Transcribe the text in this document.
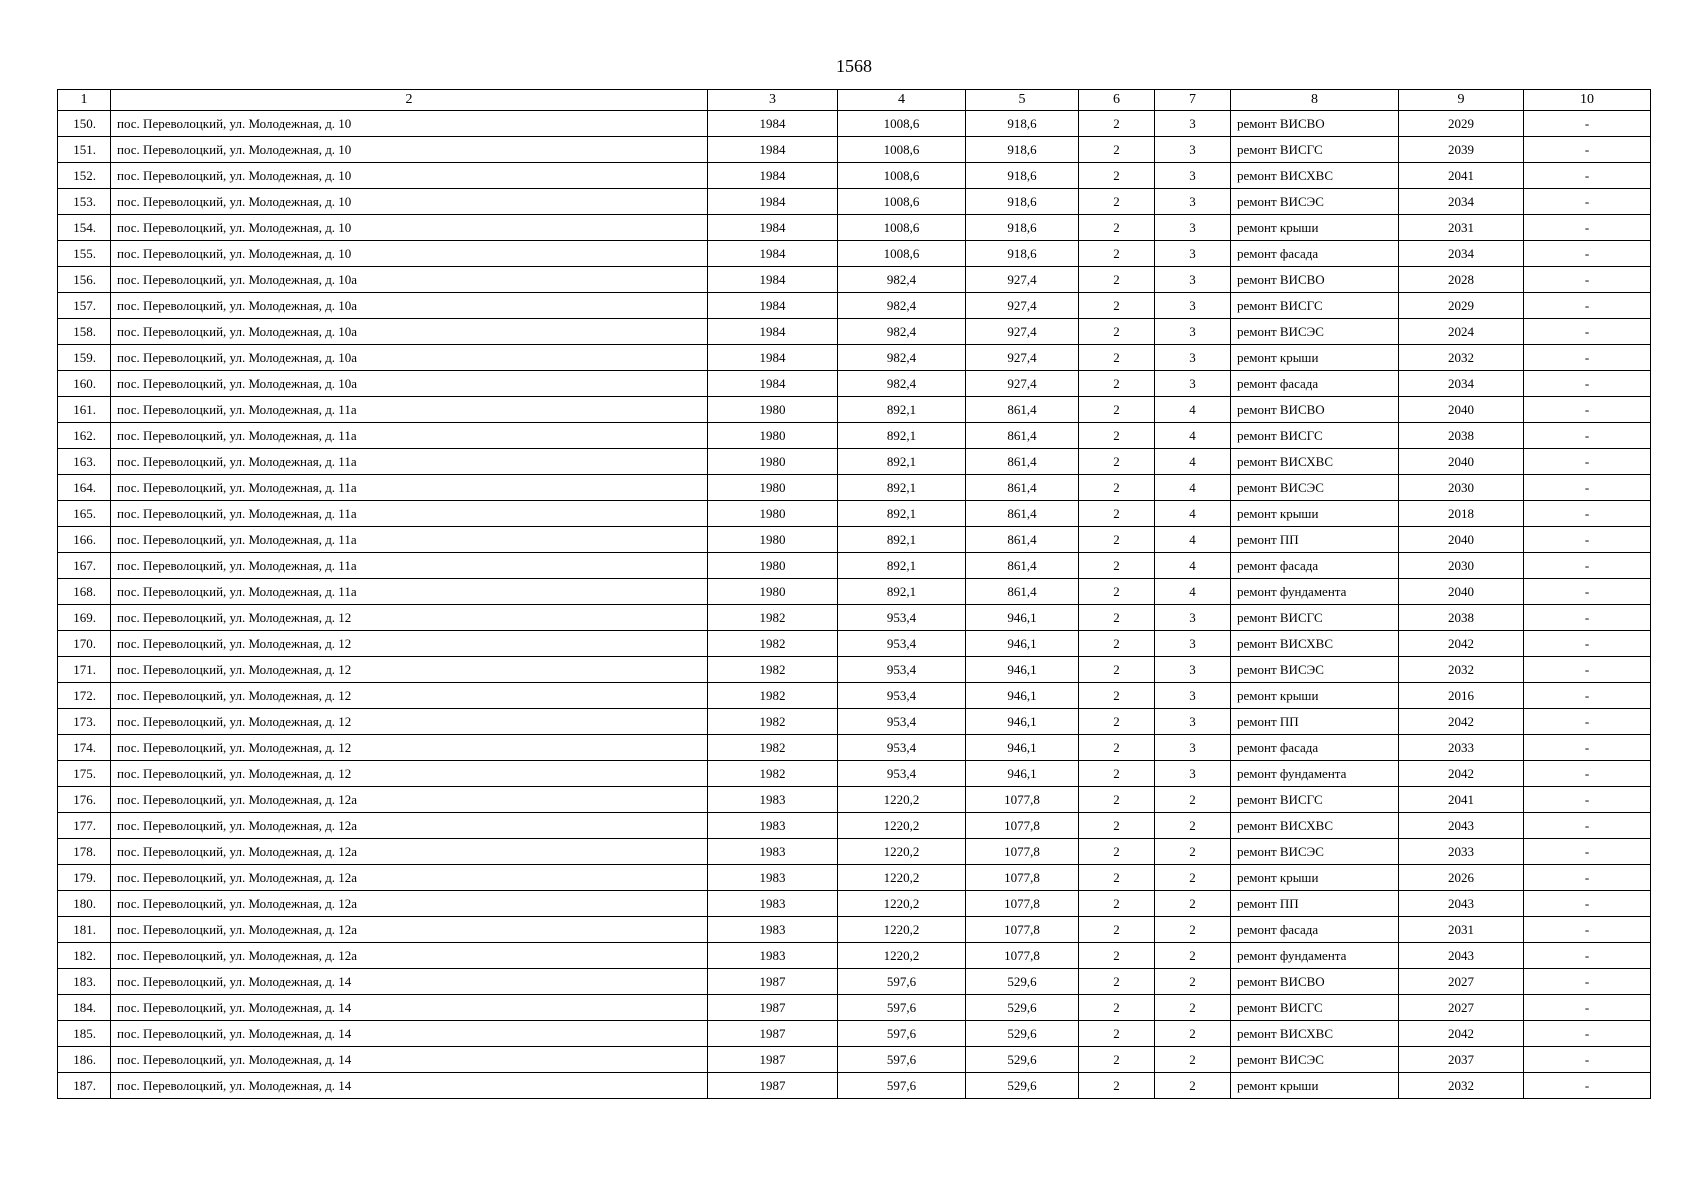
1568
1	2	3	4	5	6	7	8	9	10
150.	пос. Переволоцкий, ул. Молодежная, д. 10	1984	1008,6	918,6	2	3	ремонт ВИСВО	2029	-
151.	пос. Переволоцкий, ул. Молодежная, д. 10	1984	1008,6	918,6	2	3	ремонт ВИСГС	2039	-
152.	пос. Переволоцкий, ул. Молодежная, д. 10	1984	1008,6	918,6	2	3	ремонт ВИСХВС	2041	-
153.	пос. Переволоцкий, ул. Молодежная, д. 10	1984	1008,6	918,6	2	3	ремонт ВИСЭС	2034	-
154.	пос. Переволоцкий, ул. Молодежная, д. 10	1984	1008,6	918,6	2	3	ремонт крыши	2031	-
155.	пос. Переволоцкий, ул. Молодежная, д. 10	1984	1008,6	918,6	2	3	ремонт фасада	2034	-
156.	пос. Переволоцкий, ул. Молодежная, д. 10а	1984	982,4	927,4	2	3	ремонт ВИСВО	2028	-
157.	пос. Переволоцкий, ул. Молодежная, д. 10а	1984	982,4	927,4	2	3	ремонт ВИСГС	2029	-
158.	пос. Переволоцкий, ул. Молодежная, д. 10а	1984	982,4	927,4	2	3	ремонт ВИСЭС	2024	-
159.	пос. Переволоцкий, ул. Молодежная, д. 10а	1984	982,4	927,4	2	3	ремонт крыши	2032	-
160.	пос. Переволоцкий, ул. Молодежная, д. 10а	1984	982,4	927,4	2	3	ремонт фасада	2034	-
161.	пос. Переволоцкий, ул. Молодежная, д. 11а	1980	892,1	861,4	2	4	ремонт ВИСВО	2040	-
162.	пос. Переволоцкий, ул. Молодежная, д. 11а	1980	892,1	861,4	2	4	ремонт ВИСГС	2038	-
163.	пос. Переволоцкий, ул. Молодежная, д. 11а	1980	892,1	861,4	2	4	ремонт ВИСХВС	2040	-
164.	пос. Переволоцкий, ул. Молодежная, д. 11а	1980	892,1	861,4	2	4	ремонт ВИСЭС	2030	-
165.	пос. Переволоцкий, ул. Молодежная, д. 11а	1980	892,1	861,4	2	4	ремонт крыши	2018	-
166.	пос. Переволоцкий, ул. Молодежная, д. 11а	1980	892,1	861,4	2	4	ремонт ПП	2040	-
167.	пос. Переволоцкий, ул. Молодежная, д. 11а	1980	892,1	861,4	2	4	ремонт фасада	2030	-
168.	пос. Переволоцкий, ул. Молодежная, д. 11а	1980	892,1	861,4	2	4	ремонт фундамента	2040	-
169.	пос. Переволоцкий, ул. Молодежная, д. 12	1982	953,4	946,1	2	3	ремонт ВИСГС	2038	-
170.	пос. Переволоцкий, ул. Молодежная, д. 12	1982	953,4	946,1	2	3	ремонт ВИСХВС	2042	-
171.	пос. Переволоцкий, ул. Молодежная, д. 12	1982	953,4	946,1	2	3	ремонт ВИСЭС	2032	-
172.	пос. Переволоцкий, ул. Молодежная, д. 12	1982	953,4	946,1	2	3	ремонт крыши	2016	-
173.	пос. Переволоцкий, ул. Молодежная, д. 12	1982	953,4	946,1	2	3	ремонт ПП	2042	-
174.	пос. Переволоцкий, ул. Молодежная, д. 12	1982	953,4	946,1	2	3	ремонт фасада	2033	-
175.	пос. Переволоцкий, ул. Молодежная, д. 12	1982	953,4	946,1	2	3	ремонт фундамента	2042	-
176.	пос. Переволоцкий, ул. Молодежная, д. 12а	1983	1220,2	1077,8	2	2	ремонт ВИСГС	2041	-
177.	пос. Переволоцкий, ул. Молодежная, д. 12а	1983	1220,2	1077,8	2	2	ремонт ВИСХВС	2043	-
178.	пос. Переволоцкий, ул. Молодежная, д. 12а	1983	1220,2	1077,8	2	2	ремонт ВИСЭС	2033	-
179.	пос. Переволоцкий, ул. Молодежная, д. 12а	1983	1220,2	1077,8	2	2	ремонт крыши	2026	-
180.	пос. Переволоцкий, ул. Молодежная, д. 12а	1983	1220,2	1077,8	2	2	ремонт ПП	2043	-
181.	пос. Переволоцкий, ул. Молодежная, д. 12а	1983	1220,2	1077,8	2	2	ремонт фасада	2031	-
182.	пос. Переволоцкий, ул. Молодежная, д. 12а	1983	1220,2	1077,8	2	2	ремонт фундамента	2043	-
183.	пос. Переволоцкий, ул. Молодежная, д. 14	1987	597,6	529,6	2	2	ремонт ВИСВО	2027	-
184.	пос. Переволоцкий, ул. Молодежная, д. 14	1987	597,6	529,6	2	2	ремонт ВИСГС	2027	-
185.	пос. Переволоцкий, ул. Молодежная, д. 14	1987	597,6	529,6	2	2	ремонт ВИСХВС	2042	-
186.	пос. Переволоцкий, ул. Молодежная, д. 14	1987	597,6	529,6	2	2	ремонт ВИСЭС	2037	-
187.	пос. Переволоцкий, ул. Молодежная, д. 14	1987	597,6	529,6	2	2	ремонт крыши	2032	-
